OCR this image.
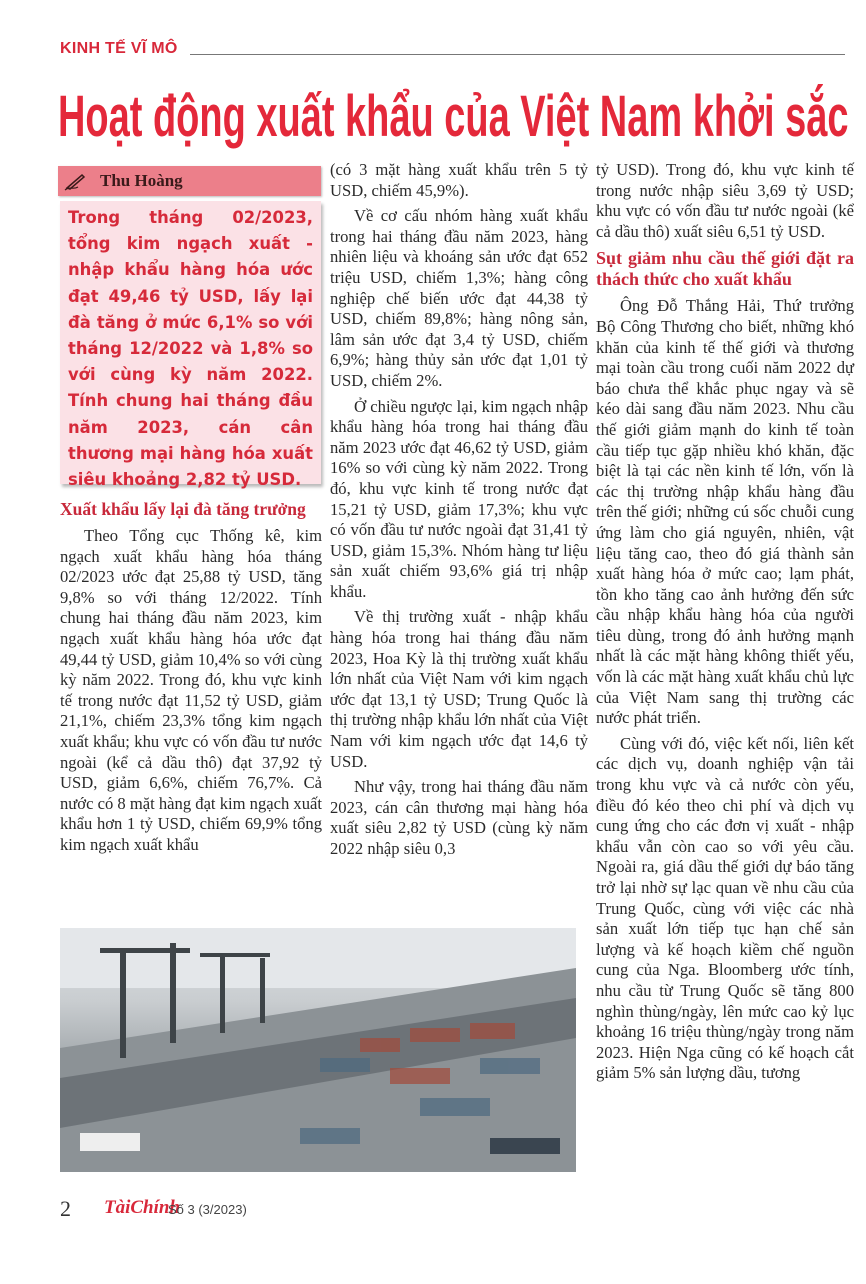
KINH TẾ VĨ MÔ
Hoạt động xuất khẩu của Việt Nam khởi sắc
Thu Hoàng
Trong tháng 02/2023, tổng kim ngạch xuất - nhập khẩu hàng hóa ước đạt 49,46 tỷ USD, lấy lại đà tăng ở mức 6,1% so với tháng 12/2022 và 1,8% so với cùng kỳ năm 2022. Tính chung hai tháng đầu năm 2023, cán cân thương mại hàng hóa xuất siêu khoảng 2,82 tỷ USD.
Xuất khẩu lấy lại đà tăng trưởng

Theo Tổng cục Thống kê, kim ngạch xuất khẩu hàng hóa tháng 02/2023 ước đạt 25,88 tỷ USD, tăng 9,8% so với tháng 12/2022. Tính chung hai tháng đầu năm 2023, kim ngạch xuất khẩu hàng hóa ước đạt 49,44 tỷ USD, giảm 10,4% so với cùng kỳ năm 2022. Trong đó, khu vực kinh tế trong nước đạt 11,52 tỷ USD, giảm 21,1%, chiếm 23,3% tổng kim ngạch xuất khẩu; khu vực có vốn đầu tư nước ngoài (kể cả dầu thô) đạt 37,92 tỷ USD, giảm 6,6%, chiếm 76,7%. Cả nước có 8 mặt hàng đạt kim ngạch xuất khẩu hơn 1 tỷ USD, chiếm 69,9% tổng kim ngạch xuất khẩu

(có 3 mặt hàng xuất khẩu trên 5 tỷ USD, chiếm 45,9%).

Về cơ cấu nhóm hàng xuất khẩu trong hai tháng đầu năm 2023, hàng nhiên liệu và khoáng sản ước đạt 652 triệu USD, chiếm 1,3%; hàng công nghiệp chế biến ước đạt 44,38 tỷ USD, chiếm 89,8%; hàng nông sản, lâm sản ước đạt 3,4 tỷ USD, chiếm 6,9%; hàng thủy sản ước đạt 1,01 tỷ USD, chiếm 2%.

Ở chiều ngược lại, kim ngạch nhập khẩu hàng hóa trong hai tháng đầu năm 2023 ước đạt 46,62 tỷ USD, giảm 16% so với cùng kỳ năm 2022. Trong đó, khu vực kinh tế trong nước đạt 15,21 tỷ USD, giảm 17,3%; khu vực có vốn đầu tư nước ngoài đạt 31,41 tỷ USD, giảm 15,3%. Nhóm hàng tư liệu sản xuất chiếm 93,6% giá trị nhập khẩu.

Về thị trường xuất - nhập khẩu hàng hóa trong hai tháng đầu năm 2023, Hoa Kỳ là thị trường xuất khẩu lớn nhất của Việt Nam với kim ngạch ước đạt 13,1 tỷ USD; Trung Quốc là thị trường nhập khẩu lớn nhất của Việt Nam với kim ngạch ước đạt 14,6 tỷ USD.

Như vậy, trong hai tháng đầu năm 2023, cán cân thương mại hàng hóa xuất siêu 2,82 tỷ USD (cùng kỳ năm 2022 nhập siêu 0,3

tỷ USD). Trong đó, khu vực kinh tế trong nước nhập siêu 3,69 tỷ USD; khu vực có vốn đầu tư nước ngoài (kể cả dầu thô) xuất siêu 6,51 tỷ USD.

Sụt giảm nhu cầu thế giới đặt ra thách thức cho xuất khẩu

Ông Đỗ Thắng Hải, Thứ trưởng Bộ Công Thương cho biết, những khó khăn của kinh tế thế giới và thương mại toàn cầu trong cuối năm 2022 dự báo chưa thể khắc phục ngay và sẽ kéo dài sang đầu năm 2023. Nhu cầu thế giới giảm mạnh do kinh tế toàn cầu tiếp tục gặp nhiều khó khăn, đặc biệt là tại các nền kinh tế lớn, vốn là các thị trường nhập khẩu hàng đầu trên thế giới; những cú sốc chuỗi cung ứng làm cho giá nguyên, nhiên, vật liệu tăng cao, theo đó giá thành sản xuất hàng hóa ở mức cao; lạm phát, tồn kho tăng cao ảnh hưởng đến sức cầu nhập khẩu hàng hóa của người tiêu dùng, trong đó ảnh hưởng mạnh nhất là các mặt hàng không thiết yếu, vốn là các mặt hàng xuất khẩu chủ lực của Việt Nam sang thị trường các nước phát triển.

Cùng với đó, việc kết nối, liên kết các dịch vụ, doanh nghiệp vận tải trong khu vực và cả nước còn yếu, điều đó kéo theo chi phí và dịch vụ cung ứng cho các đơn vị xuất - nhập khẩu vẫn còn cao so với yêu cầu. Ngoài ra, giá dầu thế giới dự báo tăng trở lại nhờ sự lạc quan về nhu cầu của Trung Quốc, cùng với việc các nhà sản xuất lớn tiếp tục hạn chế sản lượng và kế hoạch kiềm chế nguồn cung của Nga. Bloomberg ước tính, nhu cầu từ Trung Quốc sẽ tăng 800 nghìn thùng/ngày, lên mức cao kỷ lục khoảng 16 triệu thùng/ngày trong năm 2023. Hiện Nga cũng có kế hoạch cắt giảm 5% sản lượng dầu, tương

2 TàiChính
Số 3 (3/2023)
